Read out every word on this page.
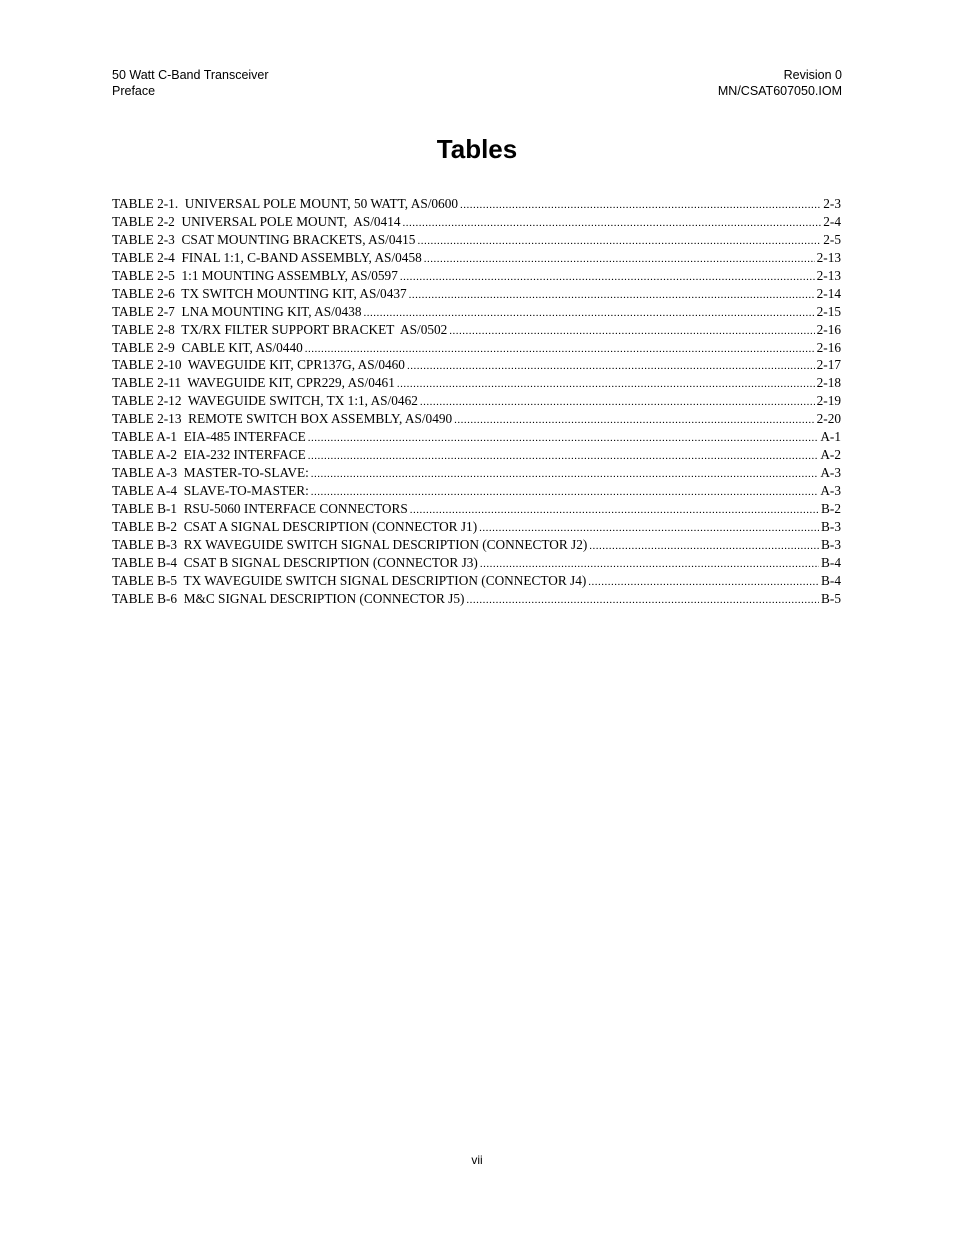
50 Watt C-Band Transceiver
Preface
Revision 0
MN/CSAT607050.IOM
Tables
TABLE 2-1.  UNIVERSAL POLE MOUNT, 50 WATT, AS/0600 .....	2-3
TABLE 2-2  UNIVERSAL POLE MOUNT,  AS/0414 .....	2-4
TABLE 2-3  CSAT MOUNTING BRACKETS, AS/0415 .....	2-5
TABLE 2-4  FINAL 1:1, C-BAND ASSEMBLY, AS/0458 .....	2-13
TABLE 2-5  1:1 MOUNTING ASSEMBLY, AS/0597 .....	2-13
TABLE 2-6  TX SWITCH MOUNTING KIT, AS/0437 .....	2-14
TABLE 2-7  LNA MOUNTING KIT, AS/0438 .....	2-15
TABLE 2-8  TX/RX FILTER SUPPORT BRACKET  AS/0502 .....	2-16
TABLE 2-9  CABLE KIT, AS/0440 .....	2-16
TABLE 2-10  WAVEGUIDE KIT, CPR137G, AS/0460 .....	2-17
TABLE 2-11  WAVEGUIDE KIT, CPR229, AS/0461 .....	2-18
TABLE 2-12  WAVEGUIDE SWITCH, TX 1:1, AS/0462 .....	2-19
TABLE 2-13  REMOTE SWITCH BOX ASSEMBLY, AS/0490 .....	2-20
TABLE A-1  EIA-485 INTERFACE .....	A-1
TABLE A-2  EIA-232 INTERFACE .....	A-2
TABLE A-3  MASTER-TO-SLAVE: .....	A-3
TABLE A-4  SLAVE-TO-MASTER: .....	A-3
TABLE B-1  RSU-5060 INTERFACE CONNECTORS .....	B-2
TABLE B-2  CSAT A SIGNAL DESCRIPTION (CONNECTOR J1) .....	B-3
TABLE B-3  RX WAVEGUIDE SWITCH SIGNAL DESCRIPTION (CONNECTOR J2) .....	B-3
TABLE B-4  CSAT B SIGNAL DESCRIPTION (CONNECTOR J3) .....	B-4
TABLE B-5  TX WAVEGUIDE SWITCH SIGNAL DESCRIPTION (CONNECTOR J4) .....	B-4
TABLE B-6  M&C SIGNAL DESCRIPTION (CONNECTOR J5) .....	B-5
vii
